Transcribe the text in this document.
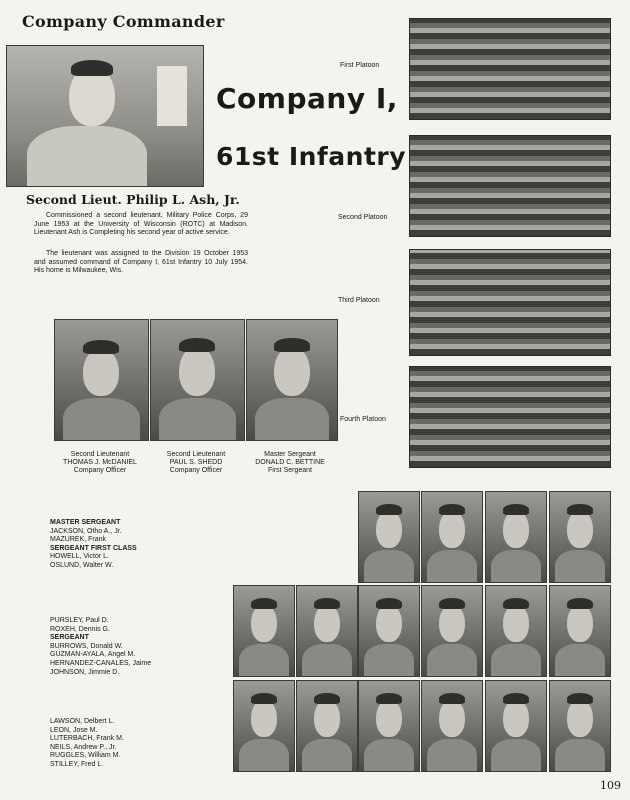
Company Commander
Company I,
61st Infantry
Second Lieut. Philip L. Ash, Jr.
Commissioned a second lieutenant, Military Police Corps, 29 June 1953 at the University of Wisconsin (ROTC) at Madison. Lieutenant Ash is Completing his second year of active service.
The lieutenant was assigned to the Division 19 October 1953 and assumed command of Company I, 61st Infantry 10 July 1954. His home is Milwaukee, Wis.
First Platoon
Second Platoon
Third Platoon
Fourth Platoon
Second Lieutenant
THOMAS J. McDANIEL
Company Officer
Second Lieutenant
PAUL S. SHEDD
Company Officer
Master Sergeant
DONALD C. BETTINE
First Sergeant
MASTER SERGEANT
JACKSON, Otho A., Jr.
MAZUREK, Frank
SERGEANT FIRST CLASS
HOWELL, Victor L.
OSLUND, Walter W.
PURSLEY, Paul D.
ROXEH, Dennis G.
SERGEANT
BURROWS, Donald W.
GUZMAN-AYALA, Angel M.
HERNANDEZ-CANALES, Jaime
JOHNSON, Jimmie D.
LAWSON, Delbert L.
LEON, Jose M.
LUTERBACH, Frank M.
NEILS, Andrew P., Jr.
RUGGLES, William M.
STILLEY, Fred L.
109
